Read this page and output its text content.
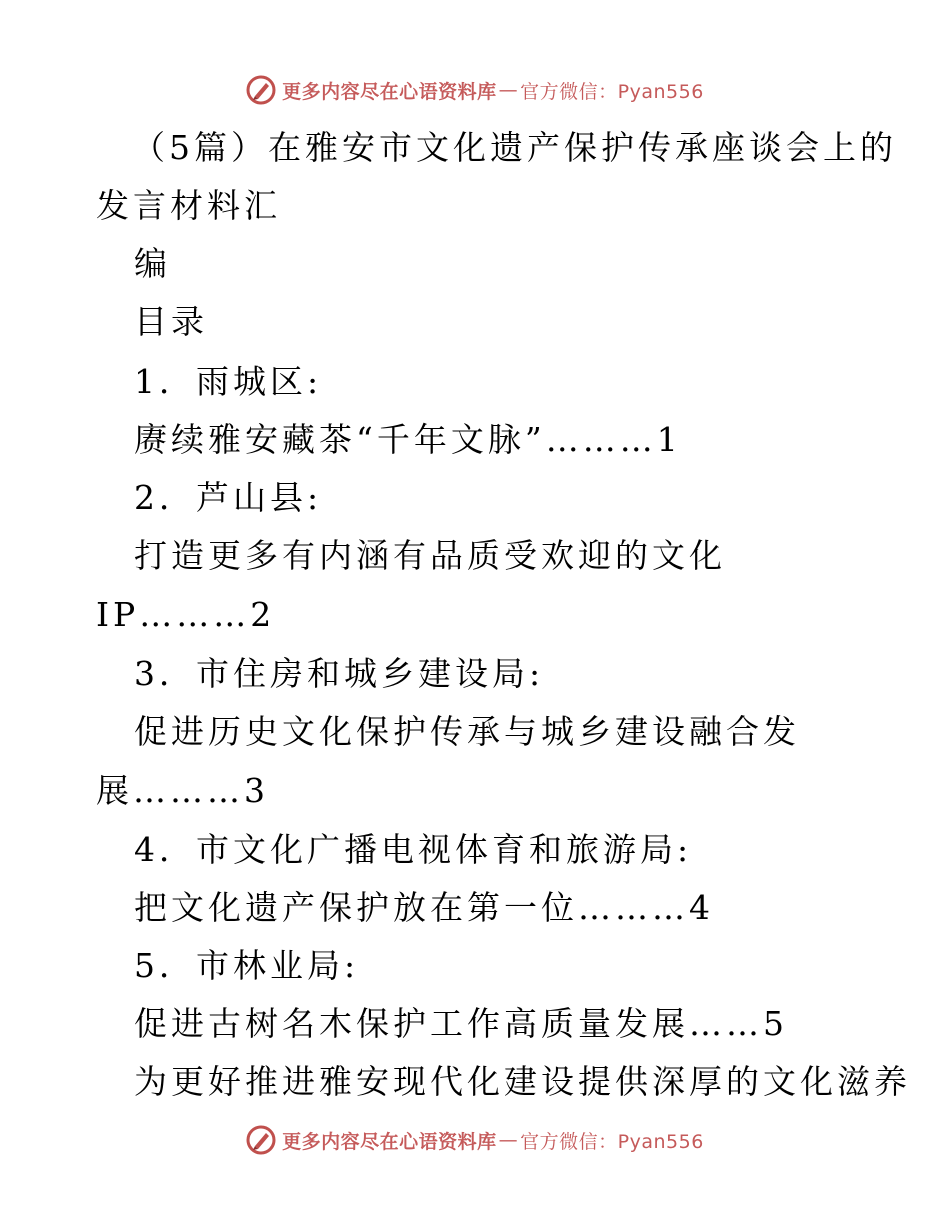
更多内容尽在心语资料库 — 官方微信：Pyan556
（5篇）在雅安市文化遗产保护传承座谈会上的
发言材料汇
编
目录
1．雨城区:
赓续雅安藏茶“千年文脉”………1
2．芦山县:
打造更多有内涵有品质受欢迎的文化
IP………2
3．市住房和城乡建设局:
促进历史文化保护传承与城乡建设融合发
展………3
4．市文化广播电视体育和旅游局:
把文化遗产保护放在第一位………4
5．市林业局:
促进古树名木保护工作高质量发展……5
为更好推进雅安现代化建设提供深厚的文化滋养
更多内容尽在心语资料库 — 官方微信：Pyan556
